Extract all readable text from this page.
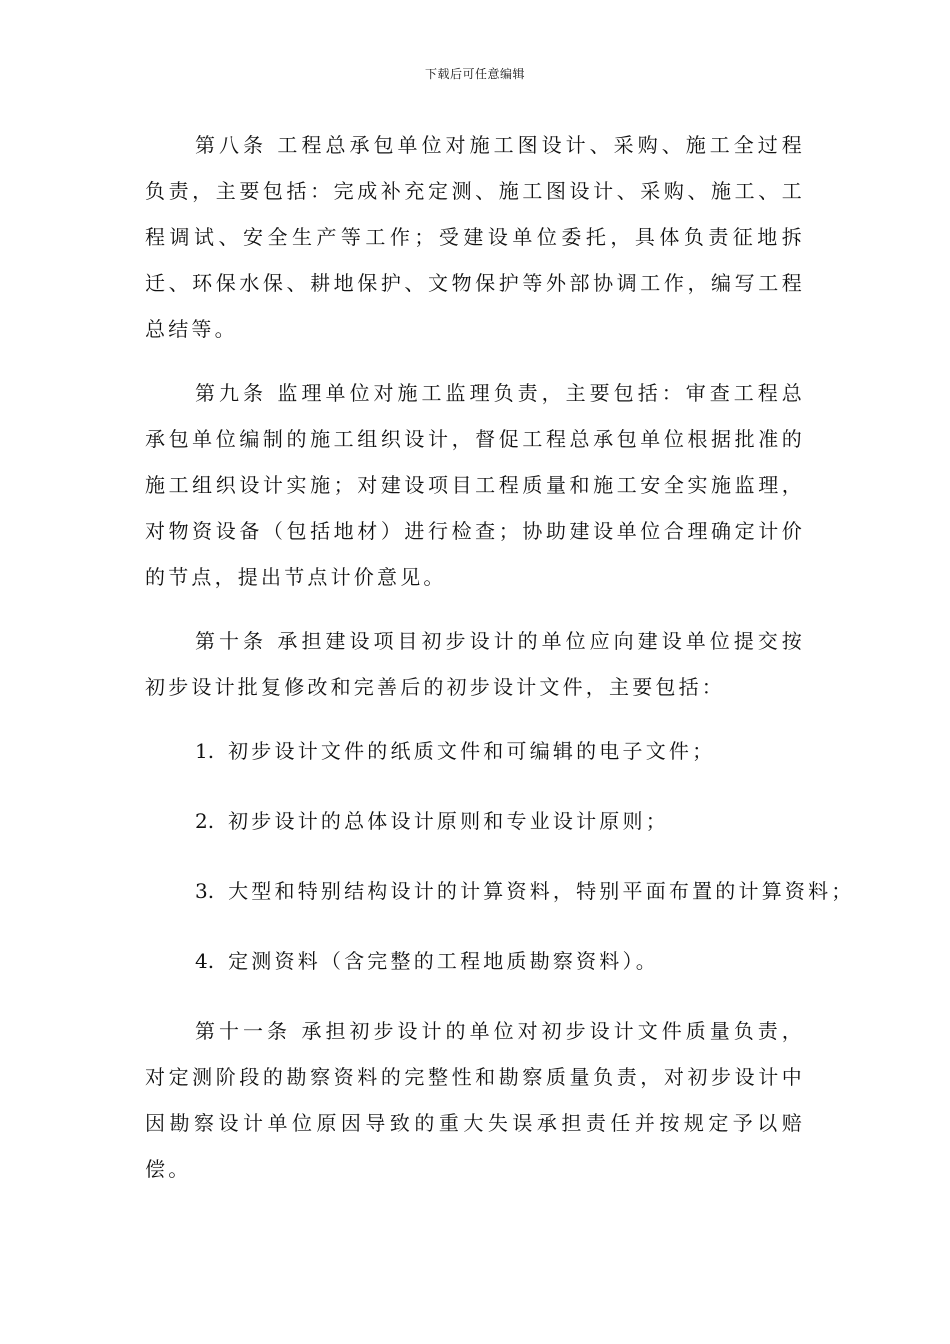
下载后可任意编辑

第八条 工程总承包单位对施工图设计、采购、施工全过程负责，主要包括：完成补充定测、施工图设计、采购、施工、工程调试、安全生产等工作；受建设单位委托，具体负责征地拆迁、环保水保、耕地保护、文物保护等外部协调工作，编写工程总结等。

第九条 监理单位对施工监理负责，主要包括：审查工程总承包单位编制的施工组织设计，督促工程总承包单位根据批准的施工组织设计实施；对建设项目工程质量和施工安全实施监理，对物资设备（包括地材）进行检查；协助建设单位合理确定计价的节点，提出节点计价意见。

第十条 承担建设项目初步设计的单位应向建设单位提交按初步设计批复修改和完善后的初步设计文件，主要包括：

1. 初步设计文件的纸质文件和可编辑的电子文件；
2. 初步设计的总体设计原则和专业设计原则；
3. 大型和特别结构设计的计算资料，特别平面布置的计算资料；
4. 定测资料（含完整的工程地质勘察资料）。

第十一条 承担初步设计的单位对初步设计文件质量负责，对定测阶段的勘察资料的完整性和勘察质量负责，对初步设计中因勘察设计单位原因导致的重大失误承担责任并按规定予以赔偿。
